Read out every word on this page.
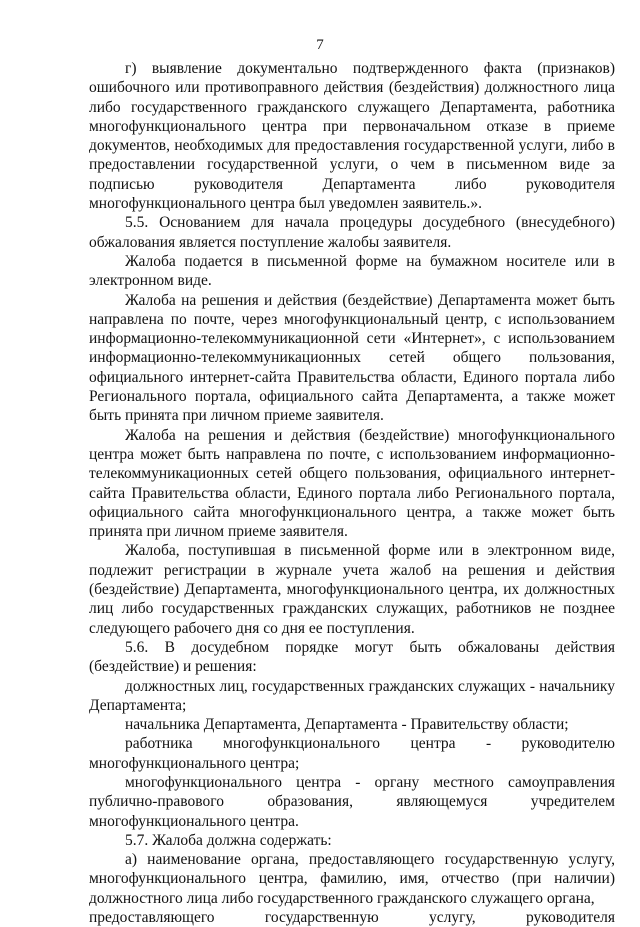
7

г) выявление документально подтвержденного факта (признаков) ошибочного или противоправного действия (бездействия) должностного лица либо государственного гражданского служащего Департамента, работника многофункционального центра при первоначальном отказе в приеме документов, необходимых для предоставления государственной услуги, либо в предоставлении государственной услуги, о чем в письменном виде за подписью руководителя Департамента либо руководителя многофункционального центра был уведомлен заявитель.».

5.5. Основанием для начала процедуры досудебного (внесудебного) обжалования является поступление жалобы заявителя.

Жалоба подается в письменной форме на бумажном носителе или в электронном виде.

Жалоба на решения и действия (бездействие) Департамента может быть направлена по почте, через многофункциональный центр, с использованием информационно-телекоммуникационной сети «Интернет», с использованием информационно-телекоммуникационных сетей общего пользования, официального интернет-сайта Правительства области, Единого портала либо Регионального портала, официального сайта Департамента, а также может быть принята при личном приеме заявителя.

Жалоба на решения и действия (бездействие) многофункционального центра может быть направлена по почте, с использованием информационно-телекоммуникационных сетей общего пользования, официального интернет-сайта Правительства области, Единого портала либо Регионального портала, официального сайта многофункционального центра, а также может быть принята при личном приеме заявителя.

Жалоба, поступившая в письменной форме или в электронном виде, подлежит регистрации в журнале учета жалоб на решения и действия (бездействие) Департамента, многофункционального центра, их должностных лиц либо государственных гражданских служащих, работников не позднее следующего рабочего дня со дня ее поступления.

5.6. В досудебном порядке могут быть обжалованы действия (бездействие) и решения:

должностных лиц, государственных гражданских служащих - начальнику Департамента;

начальника Департамента, Департамента - Правительству области;

работника многофункционального центра - руководителю многофункционального центра;

многофункционального центра - органу местного самоуправления публично-правового образования, являющемуся учредителем многофункционального центра.

5.7. Жалоба должна содержать:

а) наименование органа, предоставляющего государственную услугу, многофункционального центра, фамилию, имя, отчество (при наличии) должностного лица либо государственного гражданского служащего органа,

предоставляющего	государственную	услугу,	руководителя
